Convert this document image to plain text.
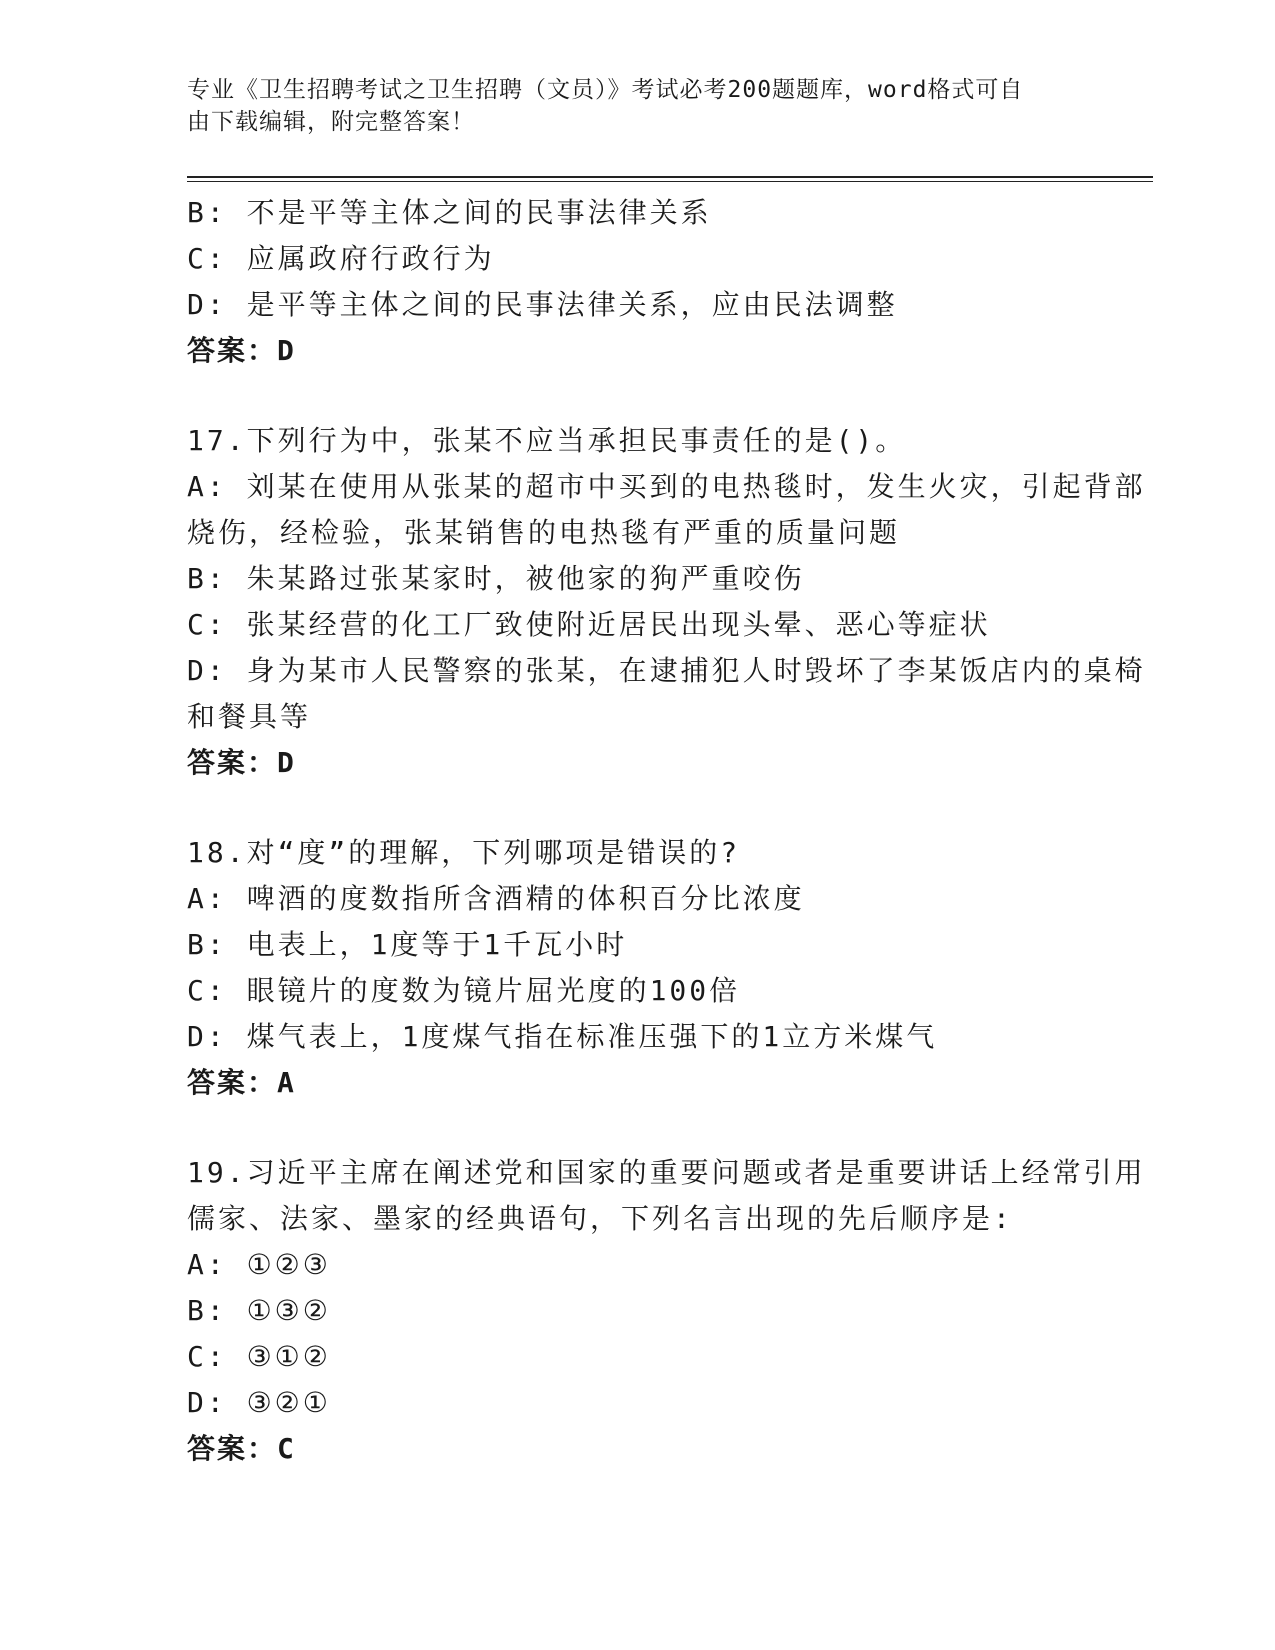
专业《卫生招聘考试之卫生招聘（文员）》考试必考200题题库，word格式可自
由下载编辑，附完整答案！
B: 不是平等主体之间的民事法律关系
C: 应属政府行政行为
D: 是平等主体之间的民事法律关系，应由民法调整
答案：D
17.下列行为中，张某不应当承担民事责任的是()。
A: 刘某在使用从张某的超市中买到的电热毯时，发生火灾，引起背部
烧伤，经检验，张某销售的电热毯有严重的质量问题
B: 朱某路过张某家时，被他家的狗严重咬伤
C: 张某经营的化工厂致使附近居民出现头晕、恶心等症状
D: 身为某市人民警察的张某，在逮捕犯人时毁坏了李某饭店内的桌椅
和餐具等
答案：D
18.对“度”的理解，下列哪项是错误的?
A: 啤酒的度数指所含酒精的体积百分比浓度
B: 电表上，1度等于1千瓦小时
C: 眼镜片的度数为镜片屈光度的100倍
D: 煤气表上，1度煤气指在标准压强下的1立方米煤气
答案：A
19.习近平主席在阐述党和国家的重要问题或者是重要讲话上经常引用
儒家、法家、墨家的经典语句，下列名言出现的先后顺序是:
A: ①②③
B: ①③②
C: ③①②
D: ③②①
答案：C
